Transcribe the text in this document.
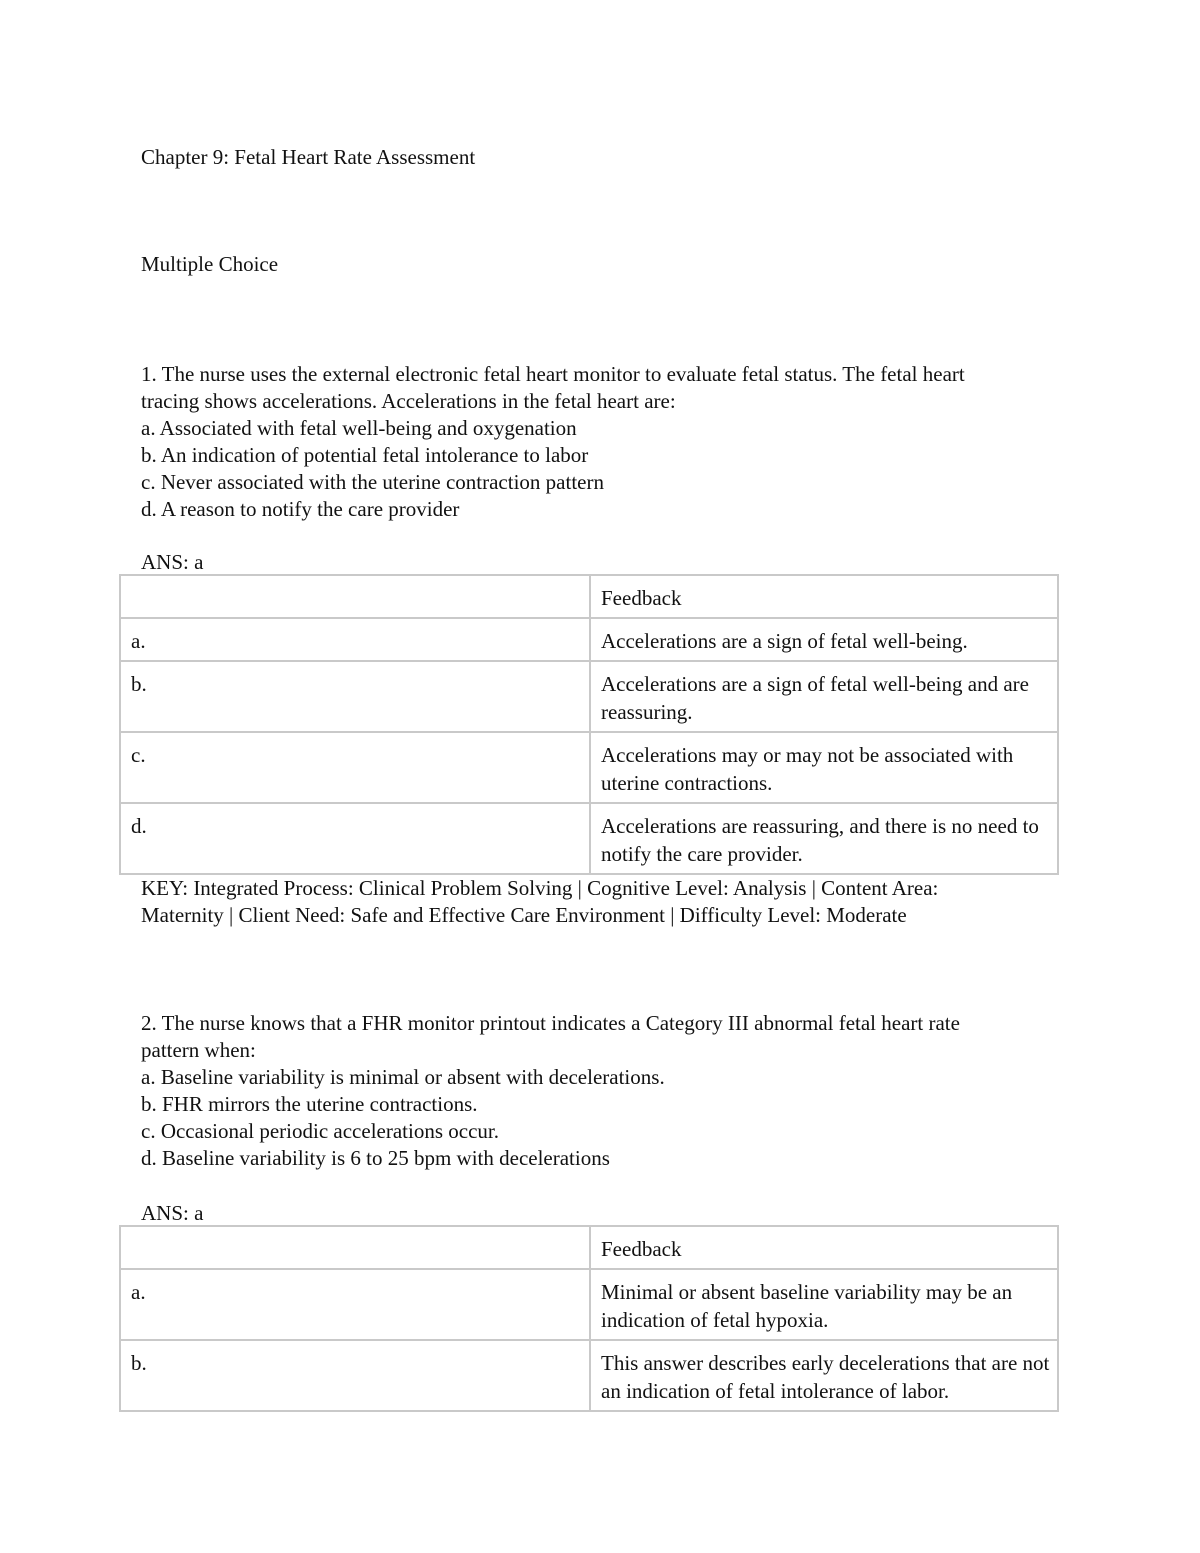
Chapter 9: Fetal Heart Rate Assessment
Multiple Choice
1. The nurse uses the external electronic fetal heart monitor to evaluate fetal status. The fetal heart
tracing shows accelerations. Accelerations in the fetal heart are:
a. Associated with fetal well-being and oxygenation
b. An indication of potential fetal intolerance to labor
c. Never associated with the uterine contraction pattern
d. A reason to notify the care provider
ANS: a
	Feedback
a.	Accelerations are a sign of fetal well-being.

b.	Accelerations are a sign of fetal well-being and are
reassuring.

c.	Accelerations may or may not be associated with
uterine contractions.

d.	Accelerations are reassuring, and there is no need to
notify the care provider.
KEY: Integrated Process: Clinical Problem Solving | Cognitive Level: Analysis | Content Area:
Maternity | Client Need: Safe and Effective Care Environment | Difficulty Level: Moderate
2. The nurse knows that a FHR monitor printout indicates a Category III abnormal fetal heart rate
pattern when:
a. Baseline variability is minimal or absent with decelerations.
b. FHR mirrors the uterine contractions.
c. Occasional periodic accelerations occur.
d. Baseline variability is 6 to 25 bpm with decelerations
ANS: a
	Feedback
a.	Minimal or absent baseline variability may be an
indication of fetal hypoxia.

b.	This answer describes early decelerations that are not
an indication of fetal intolerance of labor.
